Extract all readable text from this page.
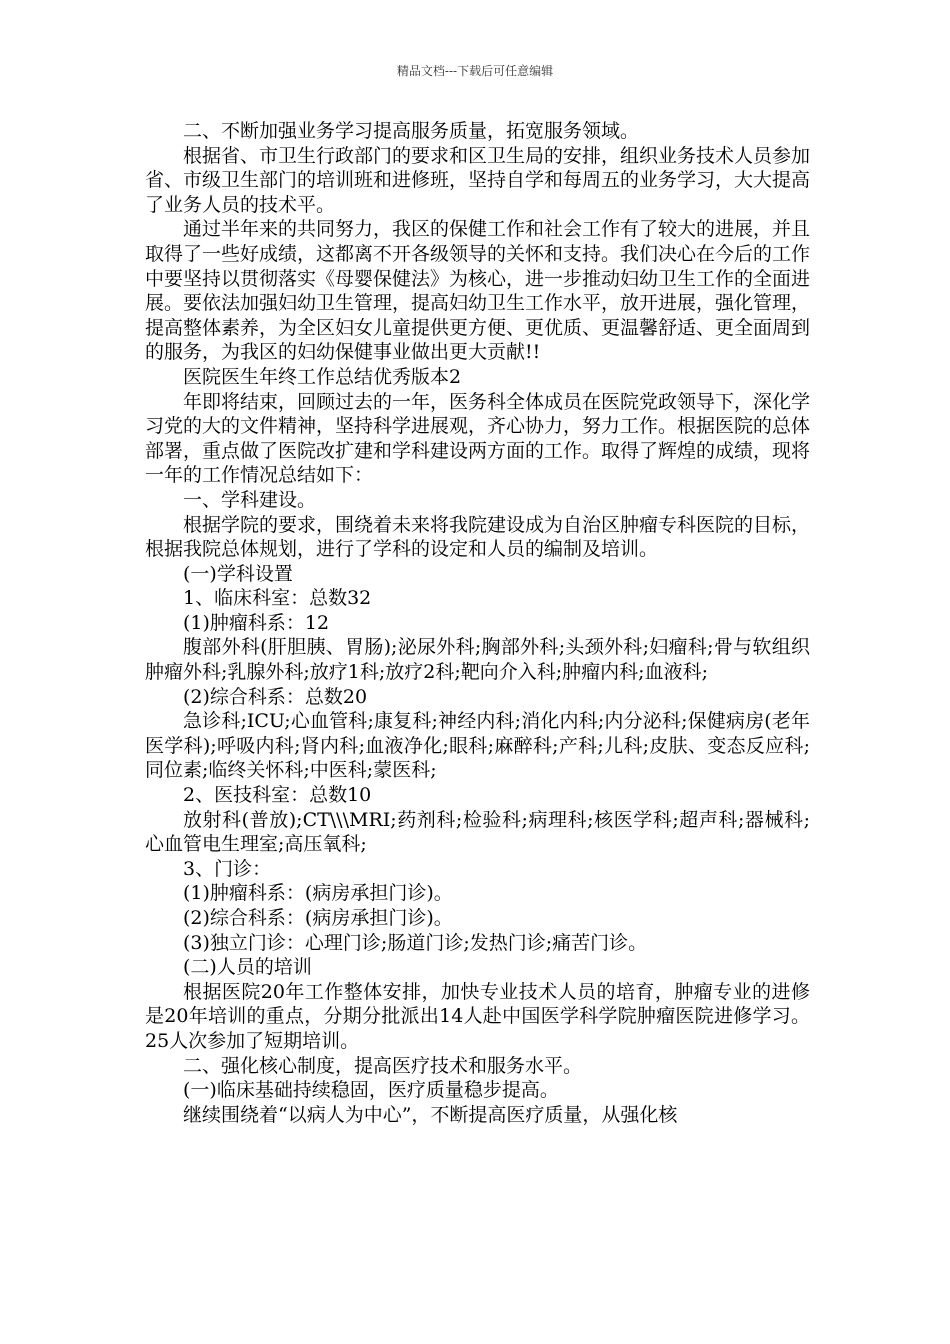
精品文档---下载后可任意编辑

二、不断加强业务学习提高服务质量，拓宽服务领域。

根据省、市卫生行政部门的要求和区卫生局的安排，组织业务技术人员参加省、市级卫生部门的培训班和进修班，坚持自学和每周五的业务学习，大大提高了业务人员的技术平。

通过半年来的共同努力，我区的保健工作和社会工作有了较大的进展，并且取得了一些好成绩，这都离不开各级领导的关怀和支持。我们决心在今后的工作中要坚持以贯彻落实《母婴保健法》为核心，进一步推动妇幼卫生工作的全面进展。要依法加强妇幼卫生管理，提高妇幼卫生工作水平，放开进展，强化管理，提高整体素养，为全区妇女儿童提供更方便、更优质、更温馨舒适、更全面周到的服务，为我区的妇幼保健事业做出更大贡献!!

医院医生年终工作总结优秀版本2

年即将结束，回顾过去的一年，医务科全体成员在医院党政领导下，深化学习党的大的文件精神，坚持科学进展观，齐心协力，努力工作。根据医院的总体部署，重点做了医院改扩建和学科建设两方面的工作。取得了辉煌的成绩，现将一年的工作情况总结如下：

一、学科建设。

根据学院的要求，围绕着未来将我院建设成为自治区肿瘤专科医院的目标，根据我院总体规划，进行了学科的设定和人员的编制及培训。

(一)学科设置

1、临床科室：总数32

(1)肿瘤科系：12

腹部外科(肝胆胰、胃肠);泌尿外科;胸部外科;头颈外科;妇瘤科;骨与软组织肿瘤外科;乳腺外科;放疗1科;放疗2科;靶向介入科;肿瘤内科;血液科;

(2)综合科系：总数20

急诊科;ICU;心血管科;康复科;神经内科;消化内科;内分泌科;保健病房(老年医学科);呼吸内科;肾内科;血液净化;眼科;麻醉科;产科;儿科;皮肤、变态反应科;同位素;临终关怀科;中医科;蒙医科;

2、医技科室：总数10

放射科(普放);CT\\\MRI;药剂科;检验科;病理科;核医学科;超声科;器械科;心血管电生理室;高压氧科;

3、门诊：

(1)肿瘤科系：(病房承担门诊)。

(2)综合科系：(病房承担门诊)。

(3)独立门诊：心理门诊;肠道门诊;发热门诊;痛苦门诊。

(二)人员的培训

根据医院20年工作整体安排，加快专业技术人员的培育，肿瘤专业的进修是20年培训的重点，分期分批派出14人赴中国医学科学院肿瘤医院进修学习。25人次参加了短期培训。

二、强化核心制度，提高医疗技术和服务水平。

(一)临床基础持续稳固，医疗质量稳步提高。

继续围绕着“以病人为中心”，不断提高医疗质量，从强化核
